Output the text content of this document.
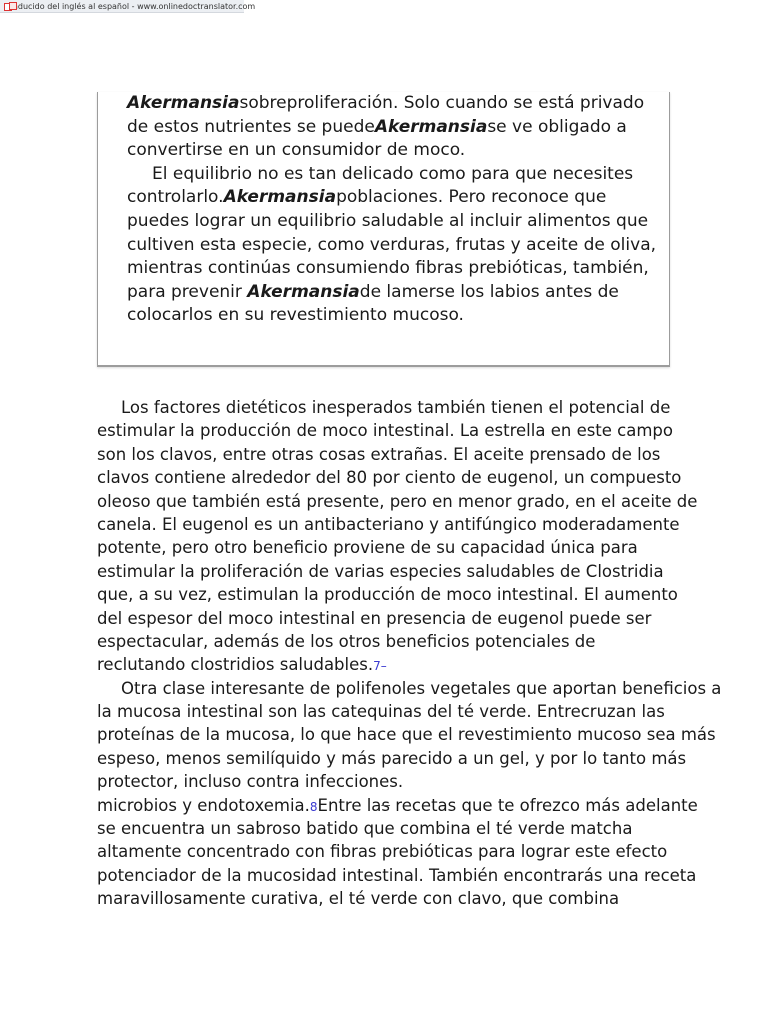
Traducido del inglés al español - www.onlinedoctranslator.com
Akermansiasobreproliferación. Solo cuando se está privado
de estos nutrientes se puedeAkermansiase ve obligado a
convertirse en un consumidor de moco.
El equilibrio no es tan delicado como para que necesites
controlarlo.Akermansiapoblaciones. Pero reconoce que
puedes lograr un equilibrio saludable al incluir alimentos que
cultiven esta especie, como verduras, frutas y aceite de oliva,
mientras continúas consumiendo fibras prebióticas, también,
para prevenir Akermansiade lamerse los labios antes de
colocarlos en su revestimiento mucoso.
Los factores dietéticos inesperados también tienen el potencial de
estimular la producción de moco intestinal. La estrella en este campo
son los clavos, entre otras cosas extrañas. El aceite prensado de los
clavos contiene alrededor del 80 por ciento de eugenol, un compuesto
oleoso que también está presente, pero en menor grado, en el aceite de
canela. El eugenol es un antibacteriano y antifúngico moderadamente
potente, pero otro beneficio proviene de su capacidad única para
estimular la proliferación de varias especies saludables de Clostridia
que, a su vez, estimulan la producción de moco intestinal. El aumento
del espesor del moco intestinal en presencia de eugenol puede ser
espectacular, además de los otros beneficios potenciales de
reclutando clostridios saludables.7–
Otra clase interesante de polifenoles vegetales que aportan beneficios a
la mucosa intestinal son las catequinas del té verde. Entrecruzan las
proteínas de la mucosa, lo que hace que el revestimiento mucoso sea más
espeso, menos semilíquido y más parecido a un gel, y por lo tanto más
protector, incluso contra infecciones.
microbios y endotoxemia.8Entre las recetas que te ofrezco más adelante
se encuentra un sabroso batido que combina el té verde matcha
altamente concentrado con fibras prebióticas para lograr este efecto
potenciador de la mucosidad intestinal. También encontrarás una receta
maravillosamente curativa, el té verde con clavo, que combina
